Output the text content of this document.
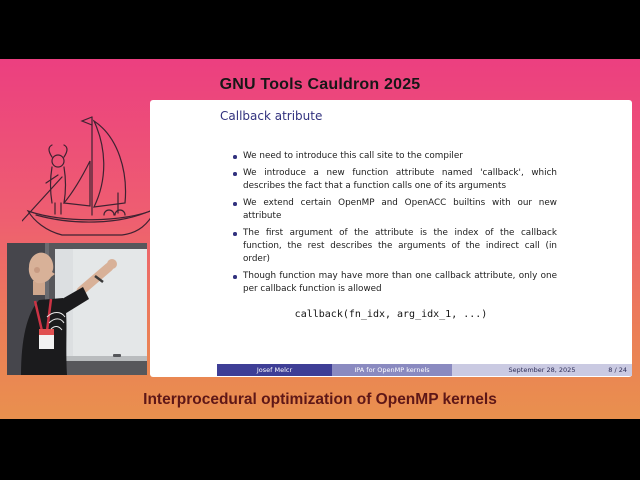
GNU Tools Cauldron 2025
Callback atribute
We need to introduce this call site to the compiler
We introduce a new function attribute named 'callback', which describes the fact that a function calls one of its arguments
We extend certain OpenMP and OpenACC builtins with our new attribute
The first argument of the attribute is the index of the callback function, the rest describes the arguments of the indirect call (in order)
Though function may have more than one callback attribute, only one per callback function is allowed
callback(fn_idx, arg_idx_1, ...)
Josef Melcr	IPA for OpenMP kernels	September 28, 2025	8 / 24
Interprocedural optimization of OpenMP kernels
